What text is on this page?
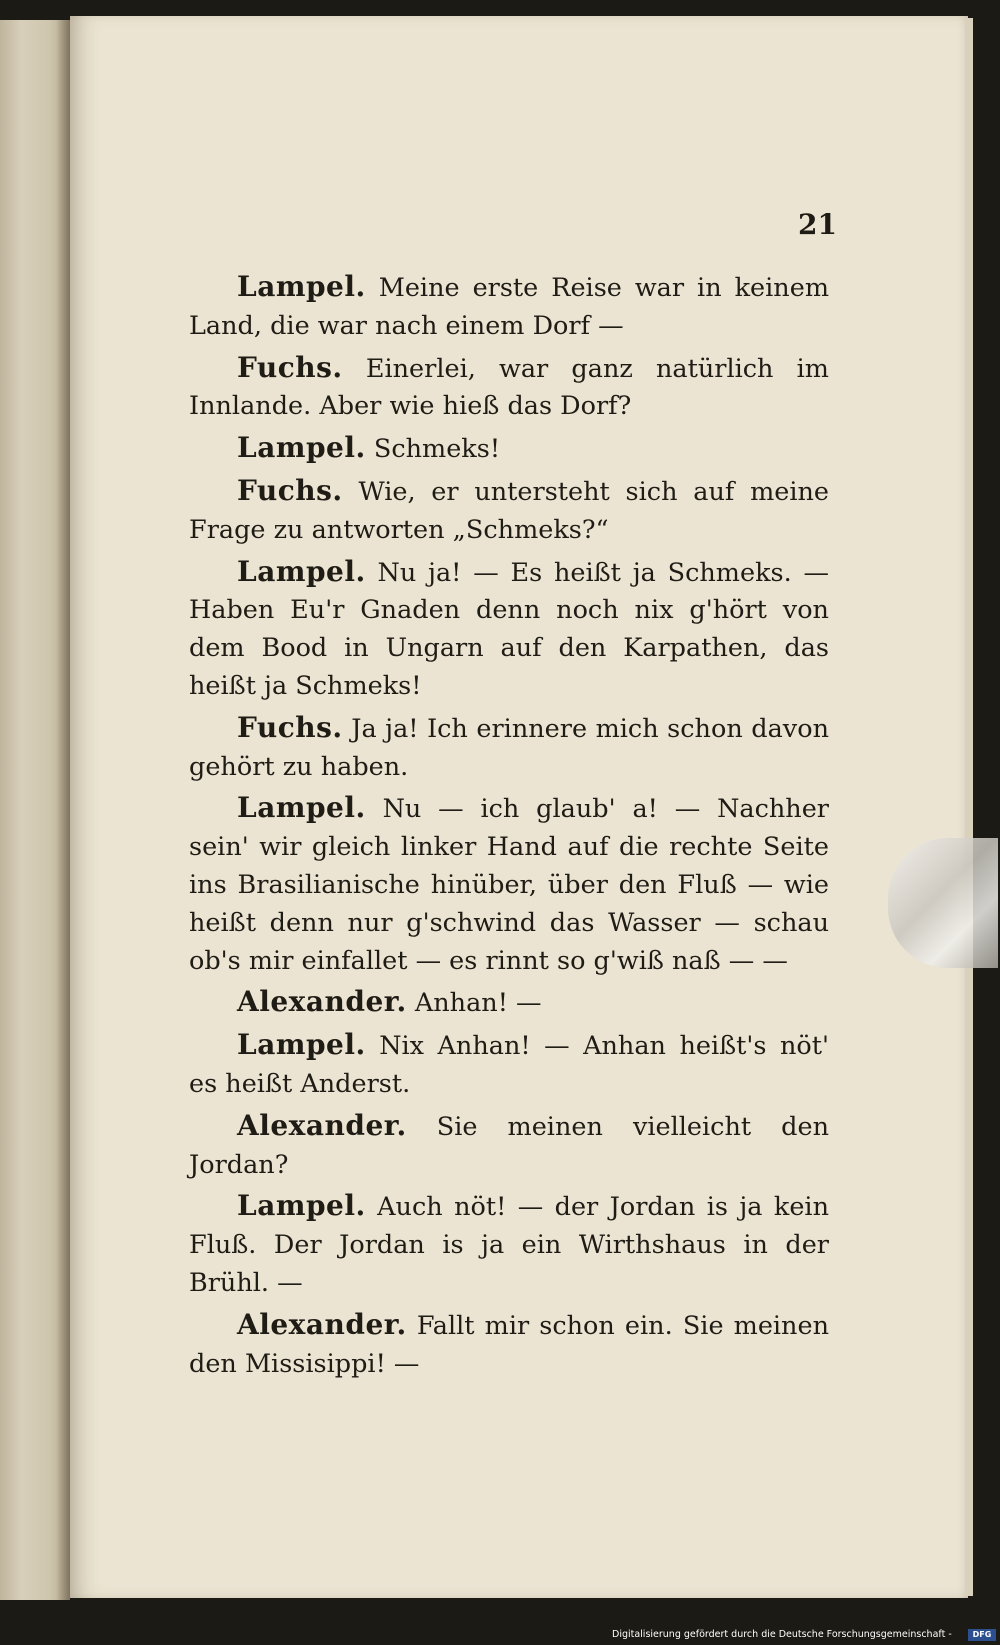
21

Lampel. Meine erste Reise war in keinem Land, die war nach einem Dorf —

Fuchs. Einerlei, war ganz natürlich im Innlande. Aber wie hieß das Dorf?

Lampel. Schmeks!

Fuchs. Wie, er untersteht sich auf meine Frage zu antworten „Schmeks?“

Lampel. Nu ja! — Es heißt ja Schmeks. — Haben Eu'r Gnaden denn noch nix g'hört von dem Bood in Ungarn auf den Karpathen, das heißt ja Schmeks!

Fuchs. Ja ja! Ich erinnere mich schon davon gehört zu haben.

Lampel. Nu — ich glaub' a! — Nachher sein' wir gleich linker Hand auf die rechte Seite ins Brasilianische hinüber, über den Fluß — wie heißt denn nur g'schwind das Wasser — schau ob's mir einfallet — es rinnt so g'wiß naß — —

Alexander. Anhan! —

Lampel. Nix Anhan! — Anhan heißt's nöt' es heißt Anderst.

Alexander. Sie meinen vielleicht den Jordan?

Lampel. Auch nöt! — der Jordan is ja kein Fluß. Der Jordan is ja ein Wirthshaus in der Brühl. —

Alexander. Fallt mir schon ein. Sie meinen den Missisippi! —

Digitalisierung gefördert durch die Deutsche Forschungsgemeinschaft -	DFG
